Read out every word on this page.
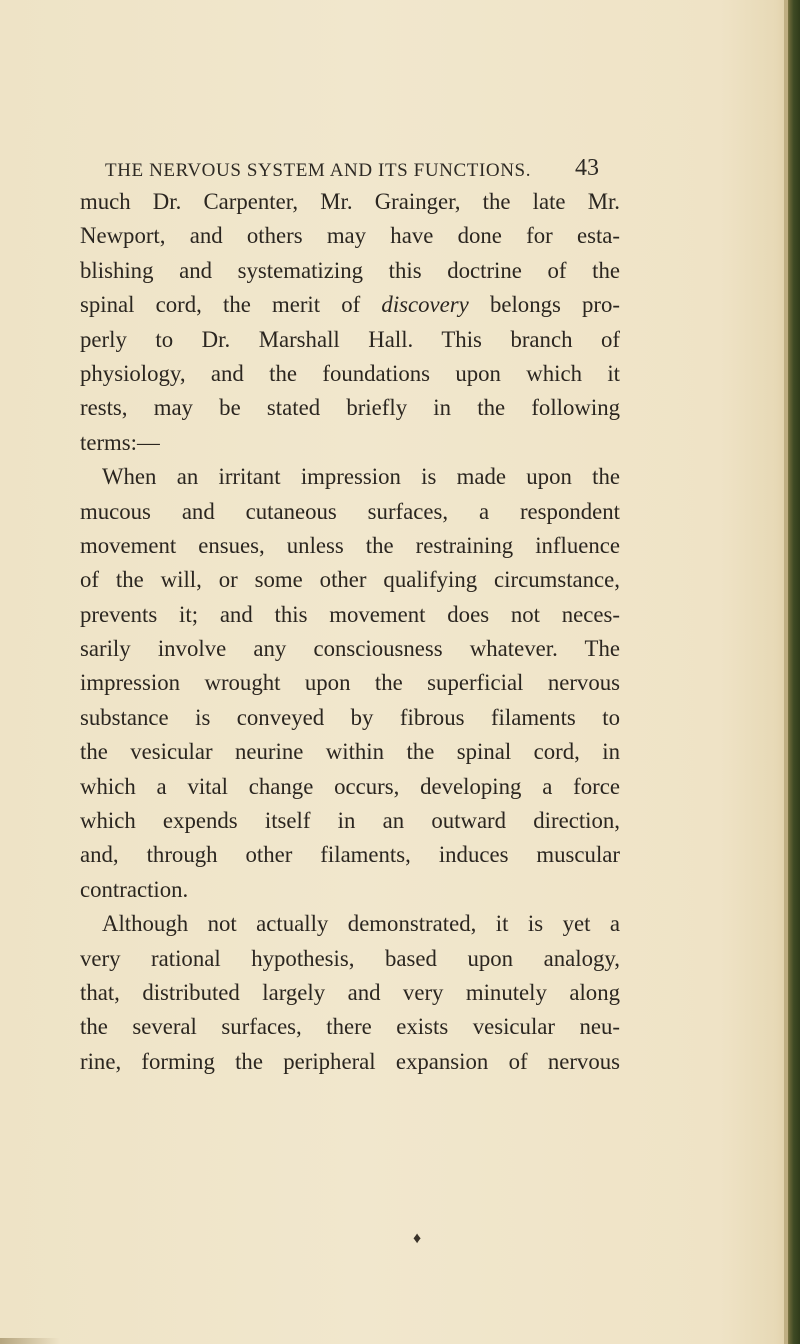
THE NERVOUS SYSTEM AND ITS FUNCTIONS.	43
much Dr. Carpenter, Mr. Grainger, the late Mr.
Newport, and others may have done for esta-
blishing and systematizing this doctrine of the
spinal cord, the merit of discovery belongs pro-
perly to Dr. Marshall Hall. This branch of
physiology, and the foundations upon which it
rests, may be stated briefly in the following
terms:—
When an irritant impression is made upon the
mucous and cutaneous surfaces, a respondent
movement ensues, unless the restraining influence
of the will, or some other qualifying circumstance,
prevents it; and this movement does not neces-
sarily involve any consciousness whatever. The
impression wrought upon the superficial nervous
substance is conveyed by fibrous filaments to
the vesicular neurine within the spinal cord, in
which a vital change occurs, developing a force
which expends itself in an outward direction,
and, through other filaments, induces muscular
contraction.
Although not actually demonstrated, it is yet a
very rational hypothesis, based upon analogy,
that, distributed largely and very minutely along
the several surfaces, there exists vesicular neu-
rine, forming the peripheral expansion of nervous
♦
